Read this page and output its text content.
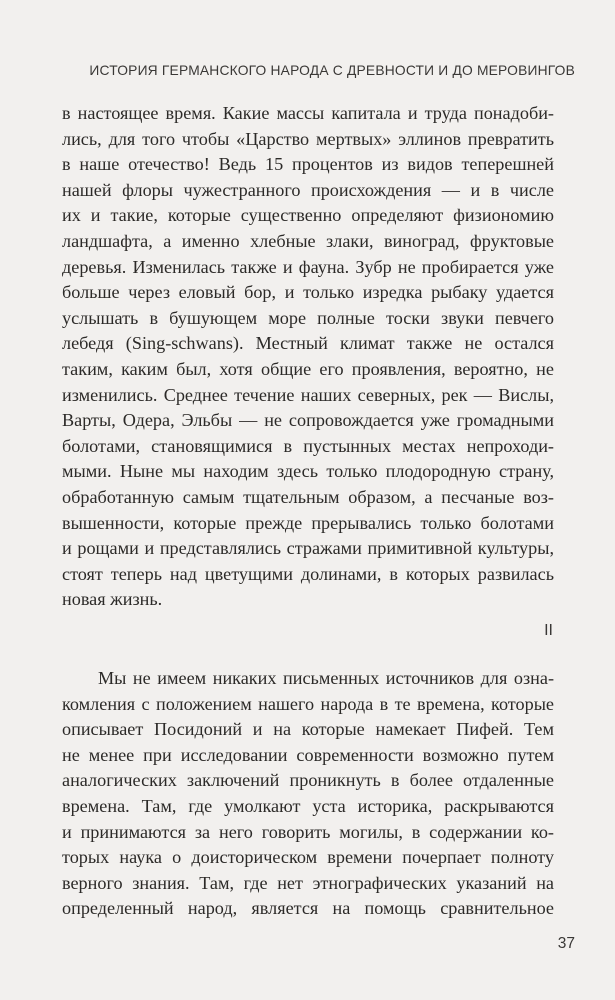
ИСТОРИЯ ГЕРМАНСКОГО НАРОДА С ДРЕВНОСТИ И ДО МЕРОВИНГОВ
в настоящее время. Какие массы капитала и труда понадоби-
лись, для того чтобы «Царство мертвых» эллинов превратить
в наше отечество! Ведь 15 процентов из видов теперешней
нашей флоры чужестранного происхождения — и в числе
их и такие, которые существенно определяют физиономию
ландшафта, а именно хлебные злаки, виноград, фруктовые
деревья. Изменилась также и фауна. Зубр не пробирается уже
больше через еловый бор, и только изредка рыбаку удается
услышать в бушующем море полные тоски звуки певчего
лебедя (Sing-schwans). Местный климат также не остался
таким, каким был, хотя общие его проявления, вероятно, не
изменились. Среднее течение наших северных, рек — Вислы,
Варты, Одера, Эльбы — не сопровождается уже громадными
болотами, становящимися в пустынных местах непроходи-
мыми. Ныне мы находим здесь только плодородную страну,
обработанную самым тщательным образом, а песчаные воз-
вышенности, которые прежде прерывались только болотами
и рощами и представлялись стражами примитивной культуры,
стоят теперь над цветущими долинами, в которых развилась
новая жизнь.
II
Мы не имеем никаких письменных источников для озна-
комления с положением нашего народа в те времена, которые
описывает Посидоний и на которые намекает Пифей. Тем
не менее при исследовании современности возможно путем
аналогических заключений проникнуть в более отдаленные
времена. Там, где умолкают уста историка, раскрываются
и принимаются за него говорить могилы, в содержании ко-
торых наука о доисторическом времени почерпает полноту
верного знания. Там, где нет этнографических указаний на
определенный народ, является на помощь сравнительное
37
